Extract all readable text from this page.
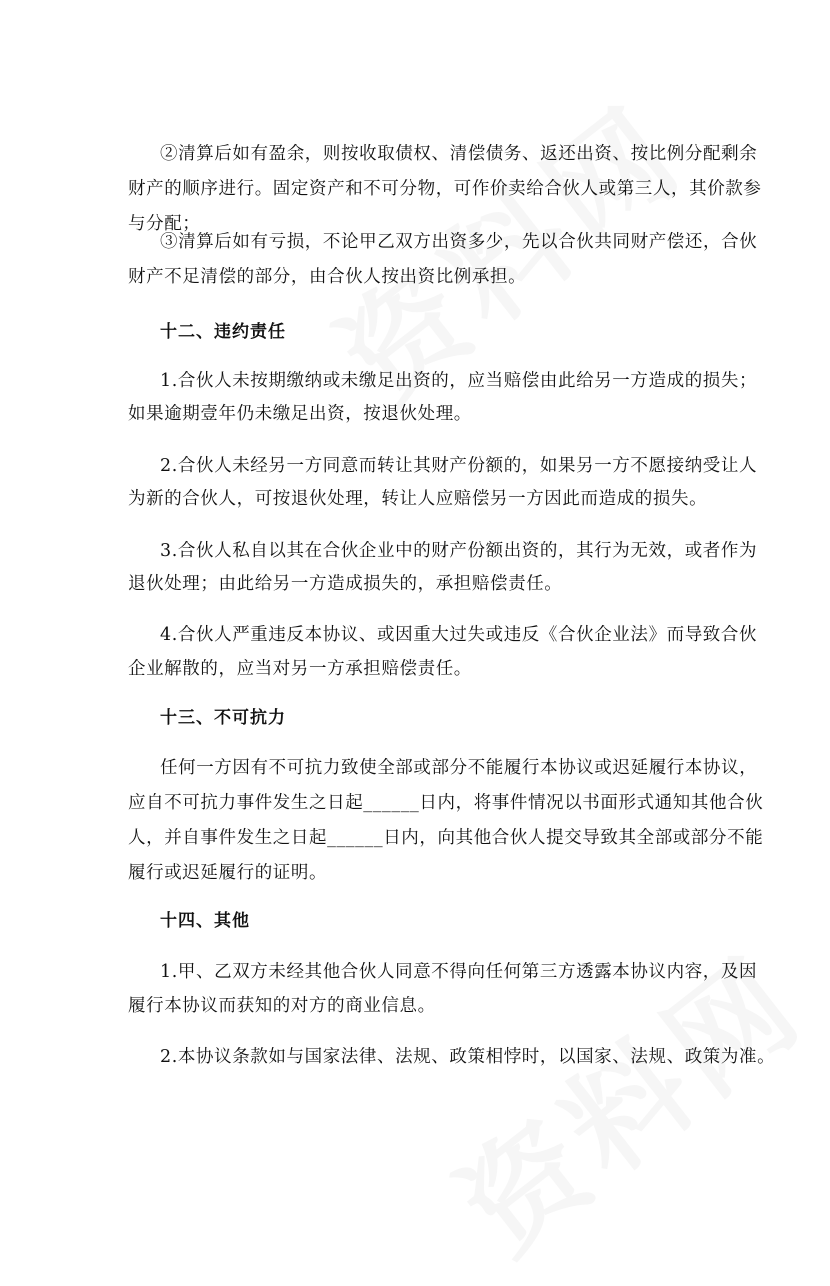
②清算后如有盈余，则按收取债权、清偿债务、返还出资、按比例分配剩余
财产的顺序进行。固定资产和不可分物，可作价卖给合伙人或第三人，其价款参
与分配；
③清算后如有亏损，不论甲乙双方出资多少，先以合伙共同财产偿还，合伙
财产不足清偿的部分，由合伙人按出资比例承担。
十二、违约责任
1.合伙人未按期缴纳或未缴足出资的，应当赔偿由此给另一方造成的损失；
如果逾期壹年仍未缴足出资，按退伙处理。
2.合伙人未经另一方同意而转让其财产份额的，如果另一方不愿接纳受让人
为新的合伙人，可按退伙处理，转让人应赔偿另一方因此而造成的损失。
3.合伙人私自以其在合伙企业中的财产份额出资的，其行为无效，或者作为
退伙处理；由此给另一方造成损失的，承担赔偿责任。
4.合伙人严重违反本协议、或因重大过失或违反《合伙企业法》而导致合伙
企业解散的，应当对另一方承担赔偿责任。
十三、不可抗力
任何一方因有不可抗力致使全部或部分不能履行本协议或迟延履行本协议，
应自不可抗力事件发生之日起______日内，将事件情况以书面形式通知其他合伙
人，并自事件发生之日起______日内，向其他合伙人提交导致其全部或部分不能
履行或迟延履行的证明。
十四、其他
1.甲、乙双方未经其他合伙人同意不得向任何第三方透露本协议内容，及因
履行本协议而获知的对方的商业信息。
2.本协议条款如与国家法律、法规、政策相悖时，以国家、法规、政策为准。
